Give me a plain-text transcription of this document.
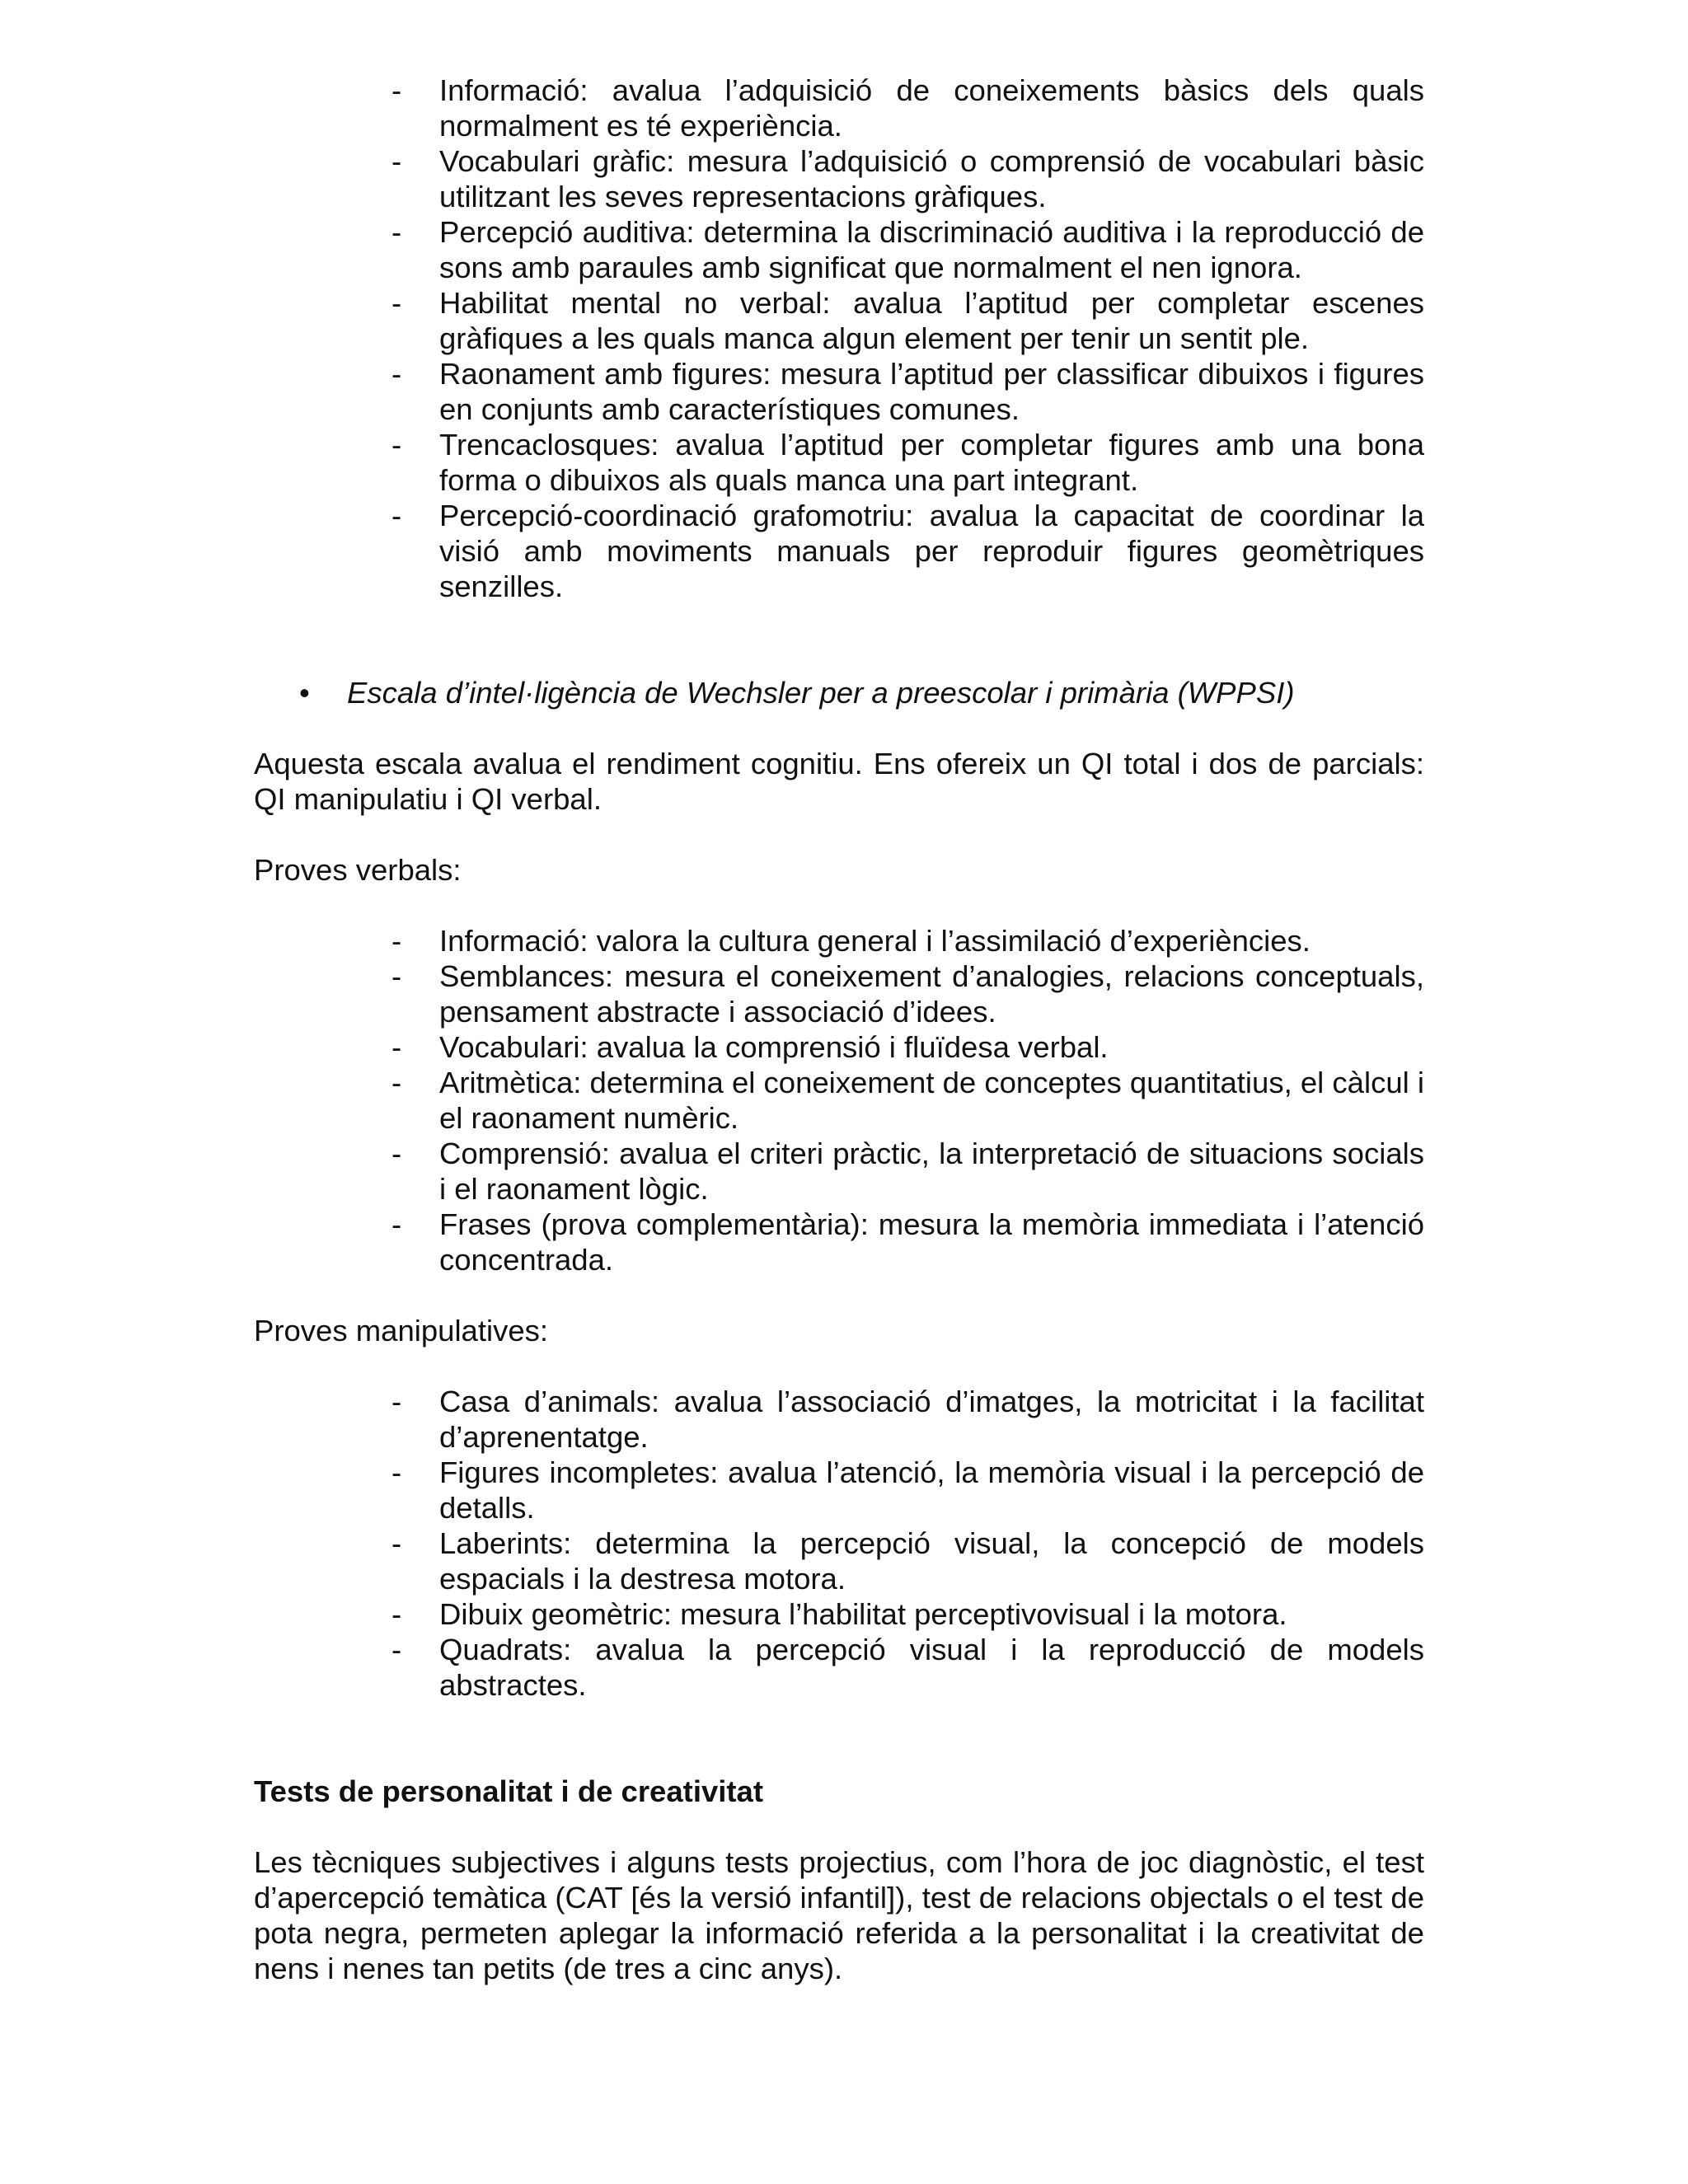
- Informació: avalua l’adquisició de coneixements bàsics dels quals normalment es té experiència.
- Vocabulari gràfic: mesura l’adquisició o comprensió de vocabulari bàsic utilitzant les seves representacions gràfiques.
- Percepció auditiva: determina la discriminació auditiva i la reproducció de sons amb paraules amb significat que normalment el nen ignora.
- Habilitat mental no verbal: avalua l’aptitud per completar escenes gràfiques a les quals manca algun element per tenir un sentit ple.
- Raonament amb figures: mesura l’aptitud per classificar dibuixos i figures en conjunts amb característiques comunes.
- Trencaclosques: avalua l’aptitud per completar figures amb una bona forma o dibuixos als quals manca una part integrant.
- Percepció-coordinació grafomotriu: avalua la capacitat de coordinar la visió amb moviments manuals per reproduir figures geomètriques senzilles.
• Escala d’intel·ligència de Wechsler per a preescolar i primària (WPPSI)

Aquesta escala avalua el rendiment cognitiu. Ens ofereix un QI total i dos de parcials: QI manipulatiu i QI verbal.

Proves verbals:

- Informació: valora la cultura general i l’assimilació d’experiències.
- Semblances: mesura el coneixement d’analogies, relacions conceptuals, pensament abstracte i associació d’idees.
- Vocabulari: avalua la comprensió i fluïdesa verbal.
- Aritmètica: determina el coneixement de conceptes quantitatius, el càlcul i el raonament numèric.
- Comprensió: avalua el criteri pràctic, la interpretació de situacions socials i el raonament lògic.
- Frases (prova complementària): mesura la memòria immediata i l’atenció concentrada.

Proves manipulatives:

- Casa d’animals: avalua l’associació d’imatges, la motricitat i la facilitat d’aprenentatge.
- Figures incompletes: avalua l’atenció, la memòria visual i la percepció de detalls.
- Laberints: determina la percepció visual, la concepció de models espacials i la destresa motora.
- Dibuix geomètric: mesura l’habilitat perceptivovisual i la motora.
- Quadrats: avalua la percepció visual i la reproducció de models abstractes.

Tests de personalitat i de creativitat

Les tècniques subjectives i alguns tests projectius, com l’hora de joc diagnòstic, el test d’apercepció temàtica (CAT [és la versió infantil]), test de relacions objectals o el test de pota negra, permeten aplegar la informació referida a la personalitat i la creativitat de nens i nenes tan petits (de tres a cinc anys).
